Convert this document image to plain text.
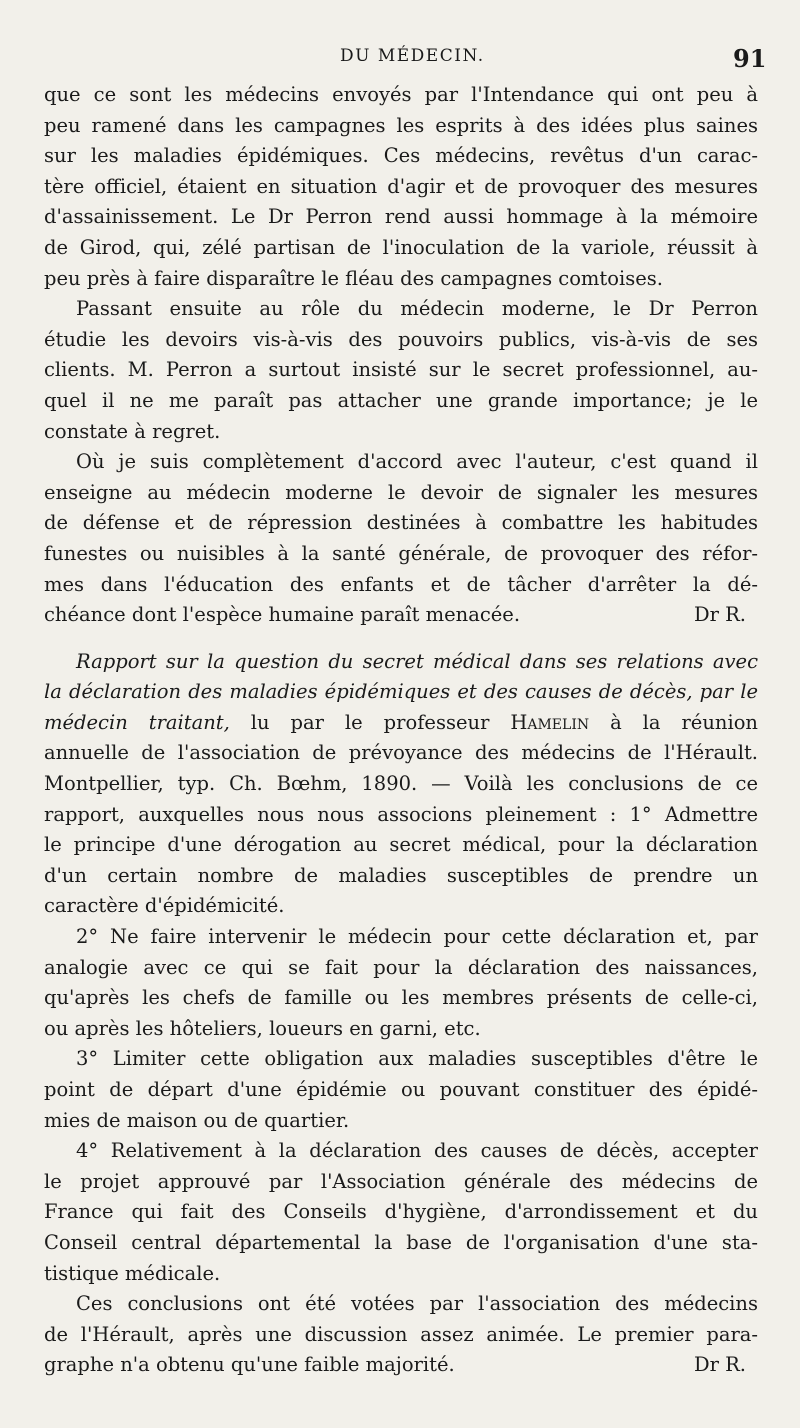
DU MÉDECIN.	91
que ce sont les médecins envoyés par l'Intendance qui ont peu à
peu ramené dans les campagnes les esprits à des idées plus saines
sur les maladies épidémiques. Ces médecins, revêtus d'un carac-
tère officiel, étaient en situation d'agir et de provoquer des mesures
d'assainissement. Le Dr Perron rend aussi hommage à la mémoire
de Girod, qui, zélé partisan de l'inoculation de la variole, réussit à
peu près à faire disparaître le fléau des campagnes comtoises.
Passant ensuite au rôle du médecin moderne, le Dr Perron
étudie les devoirs vis-à-vis des pouvoirs publics, vis-à-vis de ses
clients. M. Perron a surtout insisté sur le secret professionnel, au-
quel il ne me paraît pas attacher une grande importance; je le
constate à regret.
Où je suis complètement d'accord avec l'auteur, c'est quand il
enseigne au médecin moderne le devoir de signaler les mesures
de défense et de répression destinées à combattre les habitudes
funestes ou nuisibles à la santé générale, de provoquer des réfor-
mes dans l'éducation des enfants et de tâcher d'arrêter la dé-
chéance dont l'espèce humaine paraît menacée.	Dr R.
Rapport sur la question du secret médical dans ses relations avec
la déclaration des maladies épidémiques et des causes de décès, par le
médecin traitant, lu par le professeur Hamelin à la réunion
annuelle de l'association de prévoyance des médecins de l'Hérault.
Montpellier, typ. Ch. Bœhm, 1890. — Voilà les conclusions de ce
rapport, auxquelles nous nous associons pleinement : 1° Admettre
le principe d'une dérogation au secret médical, pour la déclaration
d'un certain nombre de maladies susceptibles de prendre un
caractère d'épidémicité.
2° Ne faire intervenir le médecin pour cette déclaration et, par
analogie avec ce qui se fait pour la déclaration des naissances,
qu'après les chefs de famille ou les membres présents de celle-ci,
ou après les hôteliers, loueurs en garni, etc.
3° Limiter cette obligation aux maladies susceptibles d'être le
point de départ d'une épidémie ou pouvant constituer des épidé-
mies de maison ou de quartier.
4° Relativement à la déclaration des causes de décès, accepter
le projet approuvé par l'Association générale des médecins de
France qui fait des Conseils d'hygiène, d'arrondissement et du
Conseil central départemental la base de l'organisation d'une sta-
tistique médicale.
Ces conclusions ont été votées par l'association des médecins
de l'Hérault, après une discussion assez animée. Le premier para-
graphe n'a obtenu qu'une faible majorité.	Dr R.
